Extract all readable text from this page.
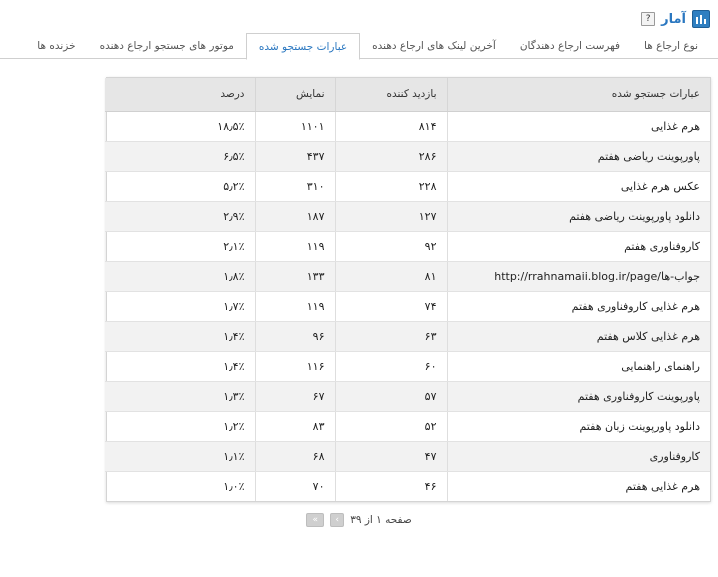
آمار
?
نوع ارجاع ها
فهرست ارجاع دهندگان
آخرین لینک های ارجاع دهنده
عبارات جستجو شده
موتور های جستجو ارجاع دهنده
خزنده ها
عبارات جستجو شده	بازدید کننده	نمایش	درصد
هرم غذایی	۸۱۴	۱۱۰۱	۱۸٫۵٪
پاورپوینت ریاضی هفتم	۲۸۶	۴۳۷	۶٫۵٪
عکس هرم غذایی	۲۲۸	۳۱۰	۵٫۲٪
دانلود پاورپوینت ریاضی هفتم	۱۲۷	۱۸۷	۲٫۹٪
کاروفناوری هفتم	۹۲	۱۱۹	۲٫۱٪
http://rrahnamaii.blog.ir/page/جواب-ها	۸۱	۱۳۳	۱٫۸٪
هرم غذایی کاروفناوری هفتم	۷۴	۱۱۹	۱٫۷٪
هرم غذایی کلاس هفتم	۶۳	۹۶	۱٫۴٪
راهنمای راهنمایی	۶۰	۱۱۶	۱٫۴٪
پاورپوینت کاروفناوری هفتم	۵۷	۶۷	۱٫۳٪
دانلود پاورپوینت زبان هفتم	۵۲	۸۳	۱٫۲٪
کاروفناوری	۴۷	۶۸	۱٫۱٪
هرم غذایی هفتم	۴۶	۷۰	۱٫۰٪
صفحه ۱ از ۳۹
›
»
